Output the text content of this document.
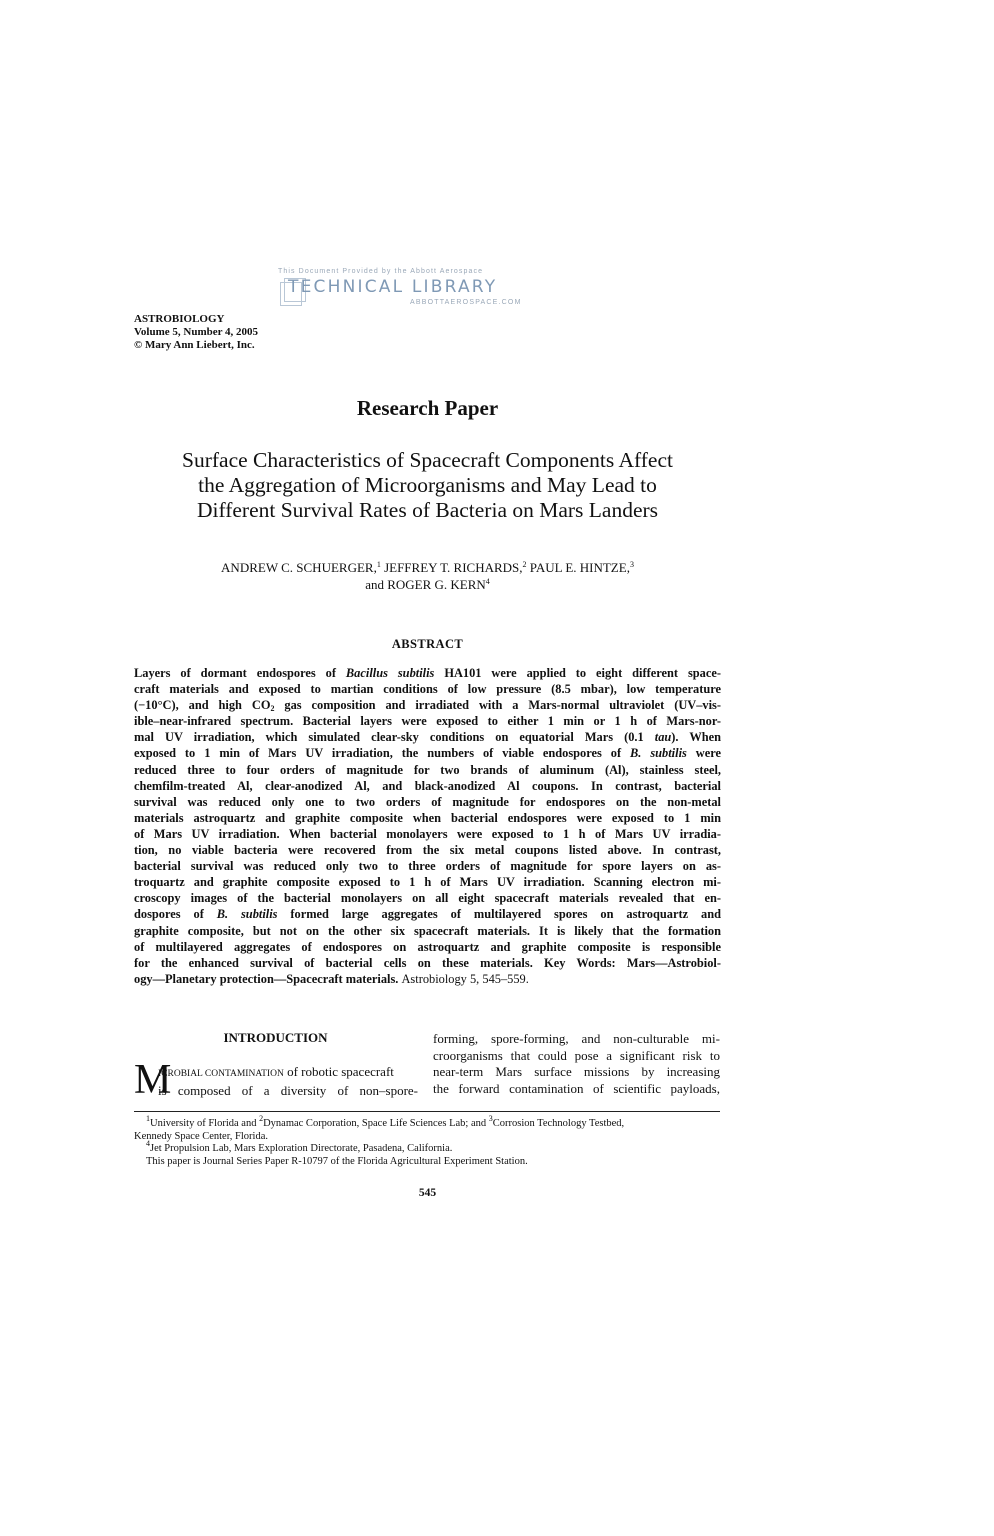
This Document Provided by the Abbott Aerospace
TECHNICAL LIBRARY
ABBOTTAEROSPACE.COM
ASTROBIOLOGY
Volume 5, Number 4, 2005
© Mary Ann Liebert, Inc.
Research Paper
Surface Characteristics of Spacecraft Components Affect
the Aggregation of Microorganisms and May Lead to
Different Survival Rates of Bacteria on Mars Landers
ANDREW C. SCHUERGER,$^1$ JEFFREY T. RICHARDS,$^2$ PAUL E. HINTZE,$^3$
and ROGER G. KERN$^4$
ABSTRACT
Layers of dormant endospores of Bacillus subtilis HA101 were applied to eight different space-
craft materials and exposed to martian conditions of low pressure (8.5 mbar), low temperature
(−10°C), and high $CO_2$ gas composition and irradiated with a Mars-normal ultraviolet (UV–vis-
ible–near-infrared spectrum. Bacterial layers were exposed to either 1 min or 1 h of Mars-nor-
mal UV irradiation, which simulated clear-sky conditions on equatorial Mars (0.1 tau). When
exposed to 1 min of Mars UV irradiation, the numbers of viable endospores of B. subtilis were
reduced three to four orders of magnitude for two brands of aluminum (Al), stainless steel,
chemfilm-treated Al, clear-anodized Al, and black-anodized Al coupons. In contrast, bacterial
survival was reduced only one to two orders of magnitude for endospores on the non-metal
materials astroquartz and graphite composite when bacterial endospores were exposed to 1 min
of Mars UV irradiation. When bacterial monolayers were exposed to 1 h of Mars UV irradia-
tion, no viable bacteria were recovered from the six metal coupons listed above. In contrast,
bacterial survival was reduced only two to three orders of magnitude for spore layers on as-
troquartz and graphite composite exposed to 1 h of Mars UV irradiation. Scanning electron mi-
croscopy images of the bacterial monolayers on all eight spacecraft materials revealed that en-
dospores of B. subtilis formed large aggregates of multilayered spores on astroquartz and
graphite composite, but not on the other six spacecraft materials. It is likely that the formation
of multilayered aggregates of endospores on astroquartz and graphite composite is responsible
for the enhanced survival of bacterial cells on these materials. Key Words: Mars—Astrobiol-
ogy—Planetary protection—Spacecraft materials. Astrobiology 5, 545–559.
INTRODUCTION
M
ICROBIAL CONTAMINATION of robotic spacecraft
is composed of a diversity of non–spore-
forming, spore-forming, and non-culturable mi-
croorganisms that could pose a significant risk to
near-term Mars surface missions by increasing
the forward contamination of scientific payloads,
$^1$University of Florida and $^2$Dynamac Corporation, Space Life Sciences Lab; and $^3$Corrosion Technology Testbed,
Kennedy Space Center, Florida.
$^4$Jet Propulsion Lab, Mars Exploration Directorate, Pasadena, California.
This paper is Journal Series Paper R-10797 of the Florida Agricultural Experiment Station.
545
